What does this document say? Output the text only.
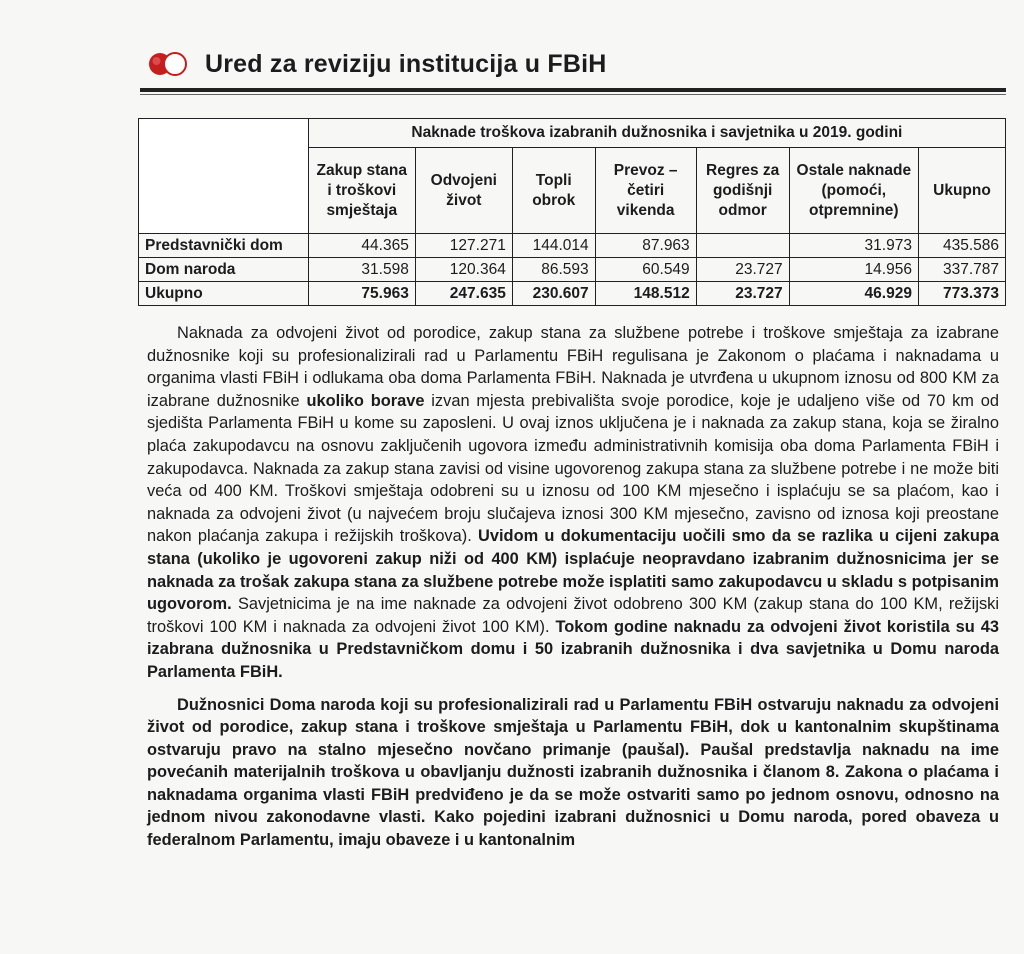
Ured za reviziju institucija u FBiH
	Naknade troškova izabranih dužnosnika i savjetnika u 2019. godini						
	Zakup stana i troškovi smještaja	Odvojeni život	Topli obrok	Prevoz – četiri vikenda	Regres za godišnji odmor	Ostale naknade (pomoći, otpremnine)	Ukupno
Predstavnički dom	44.365	127.271	144.014	87.963		31.973	435.586
Dom naroda	31.598	120.364	86.593	60.549	23.727	14.956	337.787
Ukupno	75.963	247.635	230.607	148.512	23.727	46.929	773.373

Naknada za odvojeni život od porodice, zakup stana za službene potrebe i troškove smještaja za izabrane dužnosnike koji su profesionalizirali rad u Parlamentu FBiH regulisana je Zakonom o plaćama i naknadama u organima vlasti FBiH i odlukama oba doma Parlamenta FBiH. Naknada je utvrđena u ukupnom iznosu od 800 KM za izabrane dužnosnike ukoliko borave izvan mjesta prebivališta svoje porodice, koje je udaljeno više od 70 km od sjedišta Parlamenta FBiH u kome su zaposleni. U ovaj iznos uključena je i naknada za zakup stana, koja se žiralno plaća zakupodavcu na osnovu zaključenih ugovora između administrativnih komisija oba doma Parlamenta FBiH i zakupodavca. Naknada za zakup stana zavisi od visine ugovorenog zakupa stana za službene potrebe i ne može biti veća od 400 KM. Troškovi smještaja odobreni su u iznosu od 100 KM mjesečno i isplaćuju se sa plaćom, kao i naknada za odvojeni život (u najvećem broju slučajeva iznosi 300 KM mjesečno, zavisno od iznosa koji preostane nakon plaćanja zakupa i režijskih troškova). Uvidom u dokumentaciju uočili smo da se razlika u cijeni zakupa stana (ukoliko je ugovoreni zakup niži od 400 KM) isplaćuje neopravdano izabranim dužnosnicima jer se naknada za trošak zakupa stana za službene potrebe može isplatiti samo zakupodavcu u skladu s potpisanim ugovorom. Savjetnicima je na ime naknade za odvojeni život odobreno 300 KM (zakup stana do 100 KM, režijski troškovi 100 KM i naknada za odvojeni život 100 KM). Tokom godine naknadu za odvojeni život koristila su 43 izabrana dužnosnika u Predstavničkom domu i 50 izabranih dužnosnika i dva savjetnika u Domu naroda Parlamenta FBiH.

Dužnosnici Doma naroda koji su profesionalizirali rad u Parlamentu FBiH ostvaruju naknadu za odvojeni život od porodice, zakup stana i troškove smještaja u Parlamentu FBiH, dok u kantonalnim skupštinama ostvaruju pravo na stalno mjesečno novčano primanje (paušal). Paušal predstavlja naknadu na ime povećanih materijalnih troškova u obavljanju dužnosti izabranih dužnosnika i članom 8. Zakona o plaćama i naknadama organima vlasti FBiH predviđeno je da se može ostvariti samo po jednom osnovu, odnosno na jednom nivou zakonodavne vlasti. Kako pojedini izabrani dužnosnici u Domu naroda, pored obaveza u federalnom Parlamentu, imaju obaveze i u kantonalnim
